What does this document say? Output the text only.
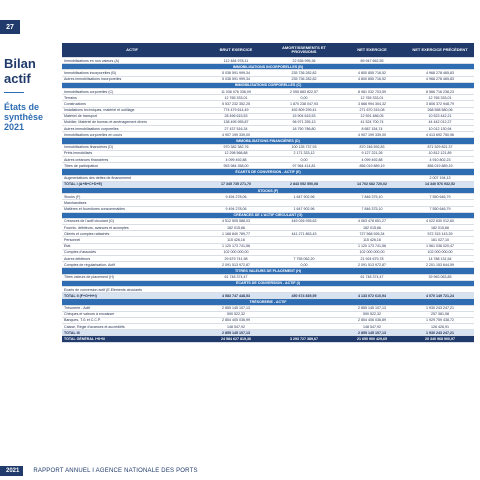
27
Bilan actif
États de synthèse 2021
ACTIF	BRUT EXERCICE	AMORTISSEMENTS ET PROVISIONS	NET EXERCICE	NET EXERCICE PRÉCÉDENT
Immobilisations en non valeurs (A)	112 484 978,11	22 536 995,36	89 947 662,55	
IMMOBILISATIONS INCORPORELLES (B)				
Immobilisations incorporelles (B)	5 036 591 999,34	235 736 282,82	4 800 855 716,52	4 968 278 465,83
Autres immobilisations incorporelles	5 036 591 999,34	235 736 282,82	4 800 855 716,52	4 968 278 465,83
IMMOBILISATIONS CORPORELLES (C)				
Immobilisations corporelles (C)	11 036 076 336,09	2 055 683 822,57	8 981 032 703,59	8 566 716 238,23
Terrains	12 765 333,01	0,00	12 765 333,01	12 765 333,01
Constructions	5 537 232 352,25	1 870 238 047,93	3 666 994 304,32	3 806 372 948,79
Installations techniques, matériel et outillage	774 479 614,49	492 809 299,41	271 670 315,08	268 558 580,06
Matériel de transport	28 496 615,53	15 904 615,53	12 591 486,05	10 523 442,21
Mobilier, Matériel de bureau et aménagement divers	138 495 955,87	96 971 255,13	41 524 700,74	44 442 012,27
Autres immobilisations corporelles	27 437 516,34	18 750 786,80	8 687 154,74	10 012 130,94
Immobilisations corporelles en cours	4 907 199 339,00		4 907 199 339,00	4 413 692 750,96
IMMOBILISATIONS FINANCIÈRES (D)				
Immobilisations financières (D)	970 382 382,76	100 135 737,93	870 246 592,83	871 529 821,37
Prêts immobilisés	12 298 568,88	2 171 333,12	9 127 221,26	10 812 121,89
Autres créances financières	4 099 492,88	0,00	4 099 492,88	4 910 802,23
Titres de participation	953 984 358,00	97 964 414,81	856 019 889,19	856 019 889,19
ÉCARTS DE CONVERSION - ACTIF (E)				
Augmentations des dettes de financement				2 007 194,13
TOTAL I (A+B+C+D+E)	17 345 735 271,70	2 843 052 550,08	14 702 682 720,02	14 340 576 932,52
STOCKS (F)				
Stocks (F)	9 494 278,06	1 647 902,96	7 846 375,10	7 550 646,79
Marchandises				
Matières et fournitures consommables	9 494 278,06	1 647 902,96	7 846 375,10	7 550 646,79
CRÉANCES DE L'ACTIF CIRCULANT (G)				
Créances de l'actif circulant (G)	4 512 505 588,03	449 026 935,63	4 063 478 651,27	4 022 630 012,60
Fournis. débiteurs, avances et acomptes	182 015,66		182 015,66	182 015,66
Clients et comptes rattachés	1 168 840 789,77	441 271 863,43	727 568 926,34	572 315 143,39
Personnel	115 426,16		115 426,16	161 027,10
Etat	1 120 173 741,56		1 120 173 741,56	1 561 036 020,47
Comptes d'associés	102 000 000,00		102 000 000,00	102 000 000,00
Autres débiteurs	29 679 741,98	7 755 062,20	21 924 679,78	14 788 131,54
Comptes de régularisation- Actif	2 091 513 972,87	0,00	2 091 513 972,87	2 201 153 644,59
TITRES VALEURS DE PLACEMENT (H)				
Titres valeurs de placement (H)	61 748 374,47		61 748 374,47	39 963 063,85
ÉCARTS DE CONVERSION - ACTIF (I)				
Ecarts de conversion actif (E.Eléments circulants				
TOTAL II (F+G+H+I)	4 583 747 448,53	450 674 839,59	4 133 072 610,94	4 070 149 721,24
TRÉSORERIE - ACTIF				
Trésorerie - Actif	2 855 145 107,13		2 855 145 107,13	1 930 243 247,21
Chèques et valeurs à encaisser	590 522,32		590 522,32	257 381,58
Banques, T.G et C.C.P.	2 854 405 036,99		2 854 406 036,89	1 929 759 438,72
Caisse, Régie d'avances et accréditifs	148 547,92		148 547,92	126 426,91
TOTAL III	2 855 145 107,13		2 855 145 107,13	1 930 243 247,21
TOTAL GÉNÉRAL I+II+III	24 984 627 819,36	3 293 727 389,67	21 690 900 429,69	20 340 968 900,97
2021	RAPPORT ANNUEL I AGENCE NATIONALE DES PORTS
